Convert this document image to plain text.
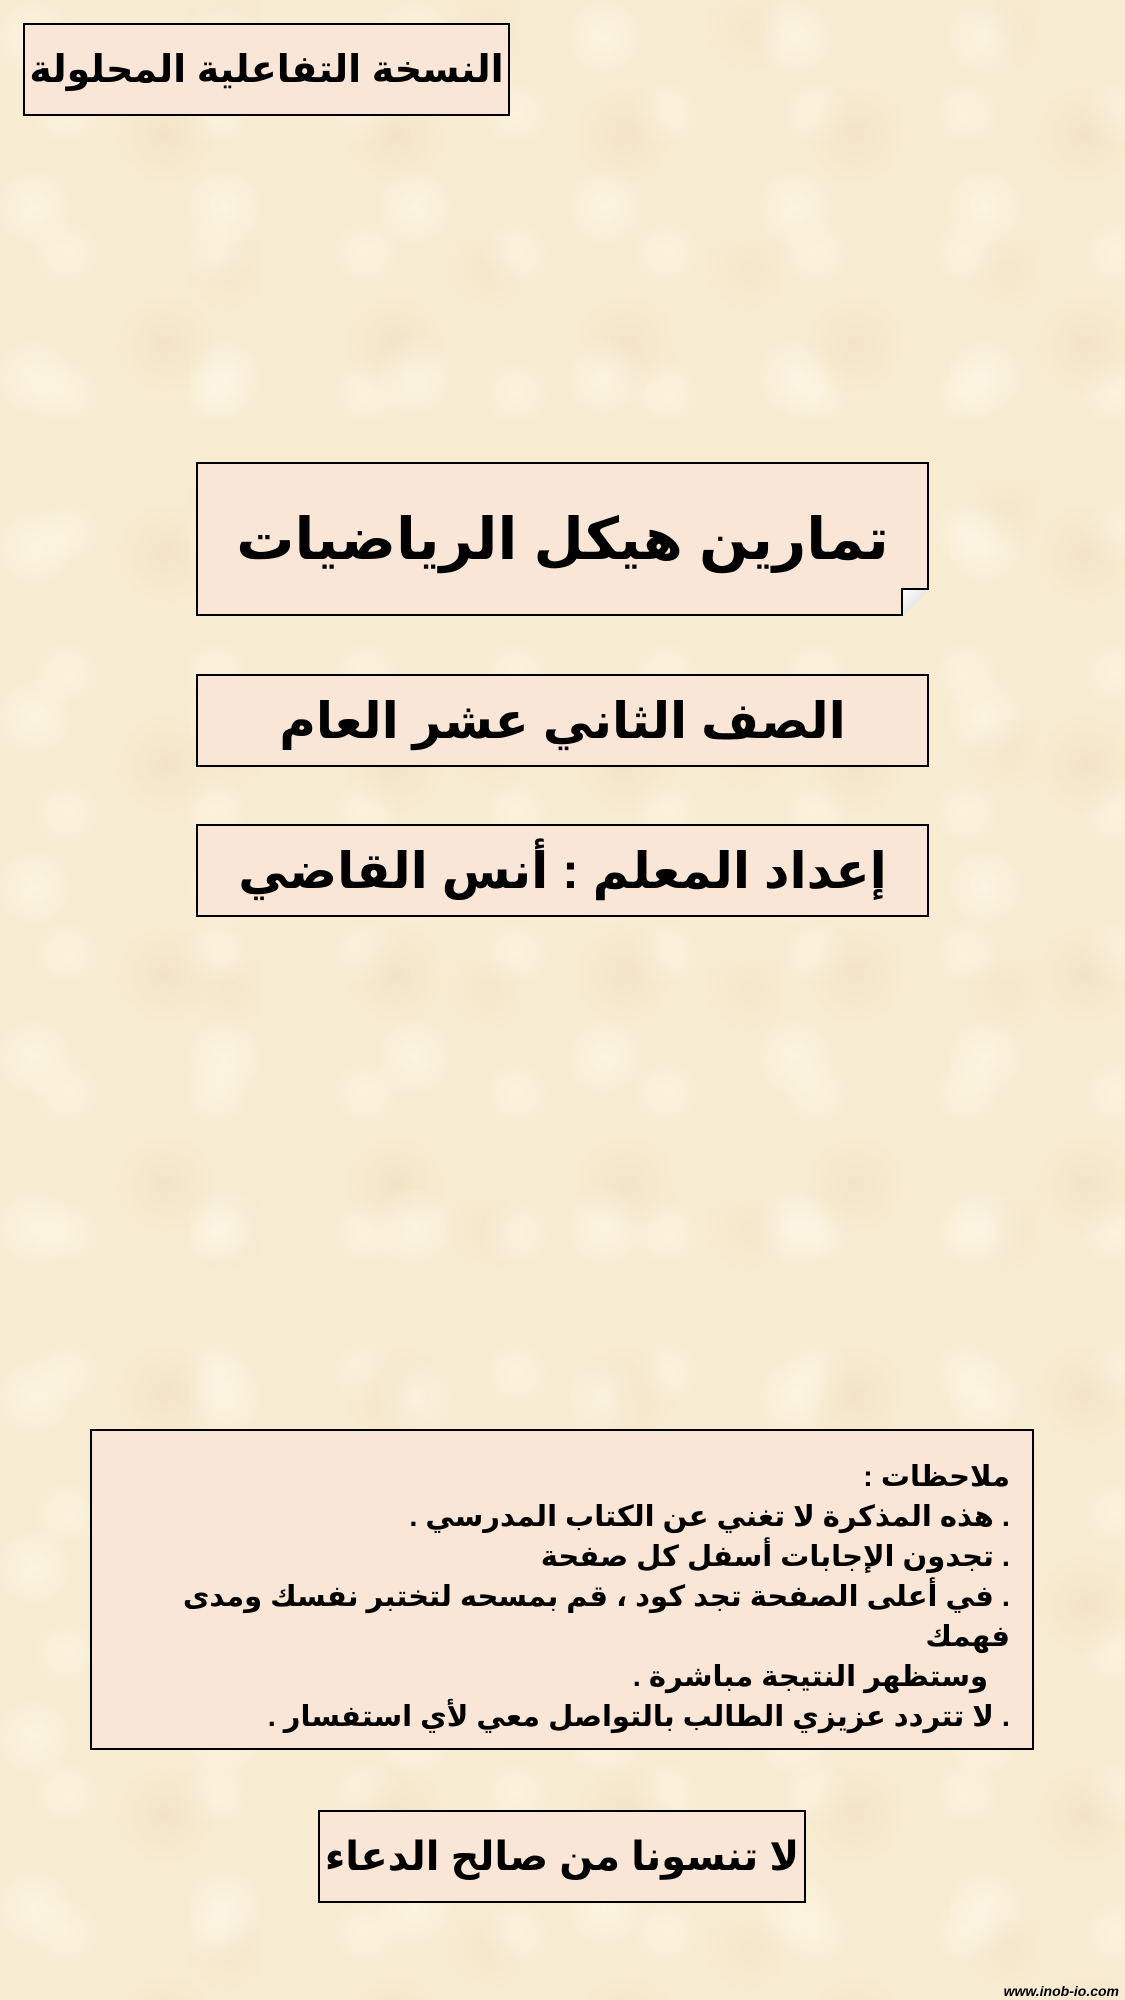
النسخة التفاعلية المحلولة
تمارين هيكل الرياضيات
الصف الثاني عشر العام
إعداد المعلم : أنس القاضي

ملاحظات :

. هذه المذكرة لا تغني عن الكتاب المدرسي .
. تجدون الإجابات أسفل كل صفحة
. في أعلى الصفحة تجد كود ، قم بمسحه لتختبر نفسك ومدى فهمك
وستظهر النتيجة مباشرة .
. لا تتردد عزيزي الطالب بالتواصل معي لأي استفسار .
لا تنسونا من صالح الدعاء
www.inob-io.com
